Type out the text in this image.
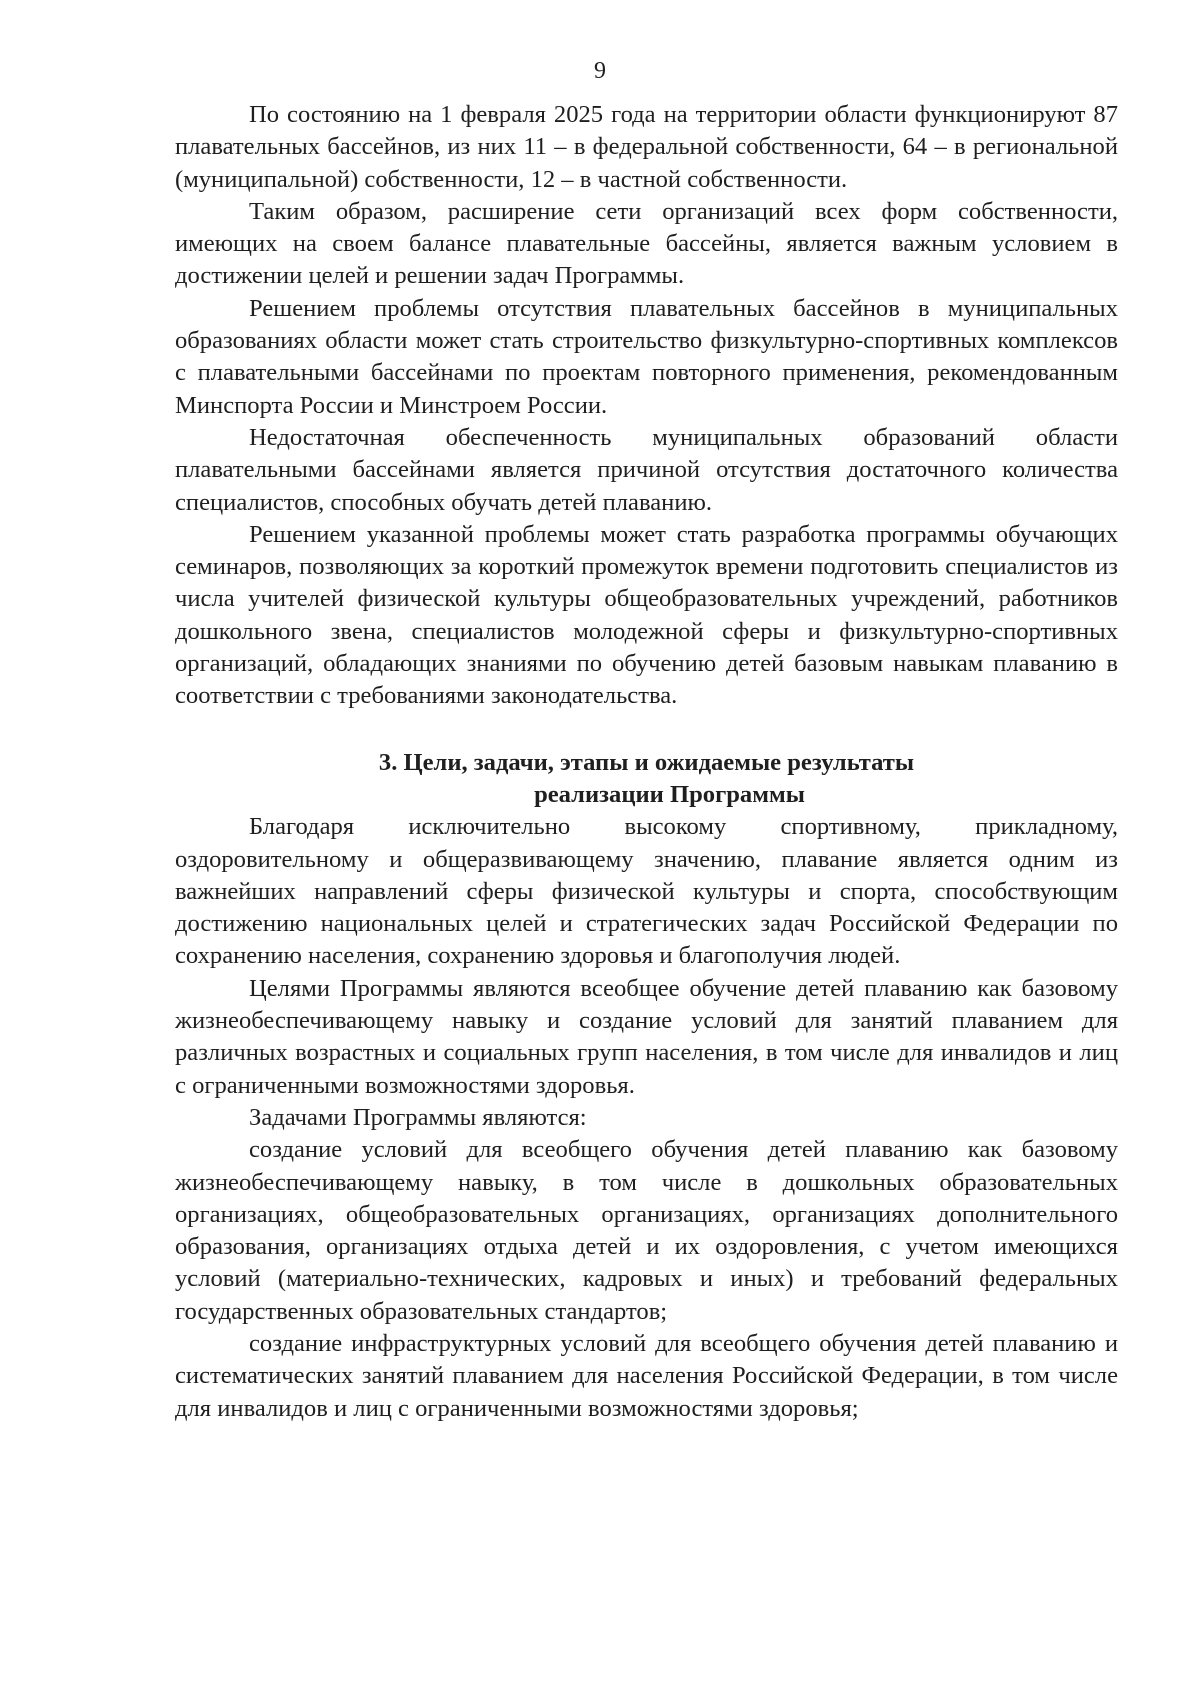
9

По состоянию на 1 февраля 2025 года на территории области функционируют 87 плавательных бассейнов, из них 11 – в федеральной собственности, 64 – в региональной (муниципальной) собственности, 12 – в частной собственности.

Таким образом, расширение сети организаций всех форм собственности, имеющих на своем балансе плавательные бассейны, является важным условием в достижении целей и решении задач Программы.

Решением проблемы отсутствия плавательных бассейнов в муниципальных образованиях области может стать строительство физкультурно-спортивных комплексов с плавательными бассейнами по проектам повторного применения, рекомендованным Минспорта России и Минстроем России.

Недостаточная обеспеченность муниципальных образований области плавательными бассейнами является причиной отсутствия достаточного количества специалистов, способных обучать детей плаванию.

Решением указанной проблемы может стать разработка программы обучающих семинаров, позволяющих за короткий промежуток времени подготовить специалистов из числа учителей физической культуры общеобразовательных учреждений, работников дошкольного звена, специалистов молодежной сферы и физкультурно-спортивных организаций, обладающих знаниями по обучению детей базовым навыкам плаванию в соответствии с требованиями законодательства.

3. Цели, задачи, этапы и ожидаемые результаты
реализации Программы

Благодаря исключительно высокому спортивному, прикладному, оздоровительному и общеразвивающему значению, плавание является одним из важнейших направлений сферы физической культуры и спорта, способствующим достижению национальных целей и стратегических задач Российской Федерации по сохранению населения, сохранению здоровья и благополучия людей.

Целями Программы являются всеобщее обучение детей плаванию как базовому жизнеобеспечивающему навыку и создание условий для занятий плаванием для различных возрастных и социальных групп населения, в том числе для инвалидов и лиц с ограниченными возможностями здоровья.

Задачами Программы являются:

создание условий для всеобщего обучения детей плаванию как базовому жизнеобеспечивающему навыку, в том числе в дошкольных образовательных организациях, общеобразовательных организациях, организациях дополнительного образования, организациях отдыха детей и их оздоровления, с учетом имеющихся условий (материально-технических, кадровых и иных) и требований федеральных государственных образовательных стандартов;

создание инфраструктурных условий для всеобщего обучения детей плаванию и систематических занятий плаванием для населения Российской Федерации, в том числе для инвалидов и лиц с ограниченными возможностями здоровья;
